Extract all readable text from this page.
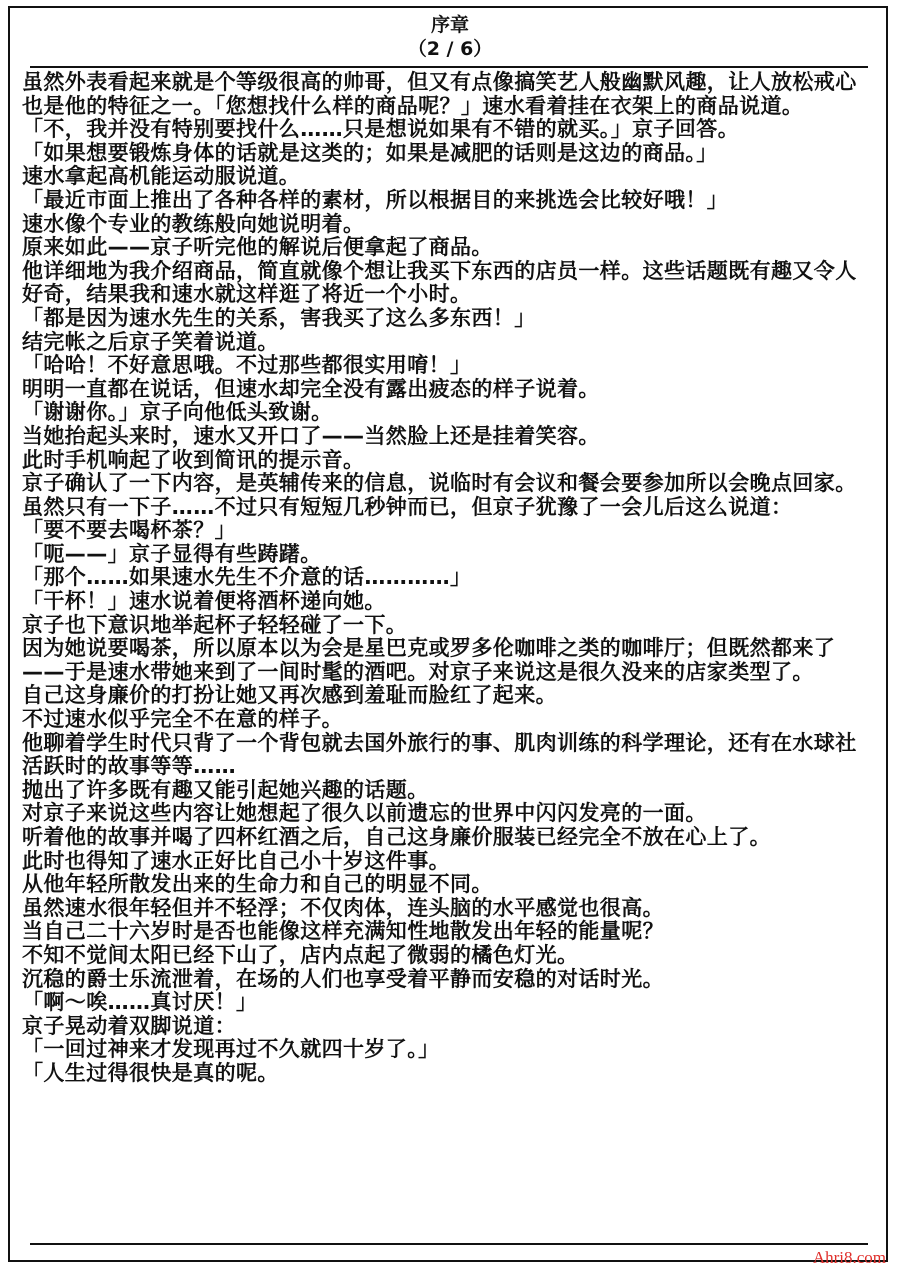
序章
（2 / 6）

虽然外表看起来就是个等级很高的帅哥，但又有点像搞笑艺人般幽默风趣，让人放松戒心也是他的特征之一。「您想找什么样的商品呢？」速水看着挂在衣架上的商品说道。

「不，我并没有特别要找什么……只是想说如果有不错的就买。」京子回答。

「如果想要锻炼身体的话就是这类的；如果是减肥的话则是这边的商品。」

速水拿起高机能运动服说道。

「最近市面上推出了各种各样的素材，所以根据目的来挑选会比较好哦！」

速水像个专业的教练般向她说明着。

原来如此——京子听完他的解说后便拿起了商品。

他详细地为我介绍商品，简直就像个想让我买下东西的店员一样。这些话题既有趣又令人好奇，结果我和速水就这样逛了将近一个小时。

「都是因为速水先生的关系，害我买了这么多东西！」

结完帐之后京子笑着说道。

「哈哈！不好意思哦。不过那些都很实用唷！」

明明一直都在说话，但速水却完全没有露出疲态的样子说着。

「谢谢你。」京子向他低头致谢。

当她抬起头来时，速水又开口了——当然脸上还是挂着笑容。

此时手机响起了收到简讯的提示音。

京子确认了一下内容，是英辅传来的信息，说临时有会议和餐会要参加所以会晚点回家。虽然只有一下子……不过只有短短几秒钟而已，但京子犹豫了一会儿后这么说道：

「要不要去喝杯茶？」

「呃——」京子显得有些踌躇。

「那个……如果速水先生不介意的话…………」

「干杯！」速水说着便将酒杯递向她。

京子也下意识地举起杯子轻轻碰了一下。

因为她说要喝茶，所以原本以为会是星巴克或罗多伦咖啡之类的咖啡厅；但既然都来了——于是速水带她来到了一间时髦的酒吧。对京子来说这是很久没来的店家类型了。

自己这身廉价的打扮让她又再次感到羞耻而脸红了起来。

不过速水似乎完全不在意的样子。

他聊着学生时代只背了一个背包就去国外旅行的事、肌肉训练的科学理论，还有在水球社活跃时的故事等等……

抛出了许多既有趣又能引起她兴趣的话题。

对京子来说这些内容让她想起了很久以前遗忘的世界中闪闪发亮的一面。

听着他的故事并喝了四杯红酒之后，自己这身廉价服装已经完全不放在心上了。

此时也得知了速水正好比自己小十岁这件事。

从他年轻所散发出来的生命力和自己的明显不同。

虽然速水很年轻但并不轻浮；不仅肉体，连头脑的水平感觉也很高。

当自己二十六岁时是否也能像这样充满知性地散发出年轻的能量呢？

不知不觉间太阳已经下山了，店内点起了微弱的橘色灯光。

沉稳的爵士乐流泄着，在场的人们也享受着平静而安稳的对话时光。

「啊～唉……真讨厌！」

京子晃动着双脚说道：

「一回过神来才发现再过不久就四十岁了。」

「人生过得很快是真的呢。

Ahri8.com
